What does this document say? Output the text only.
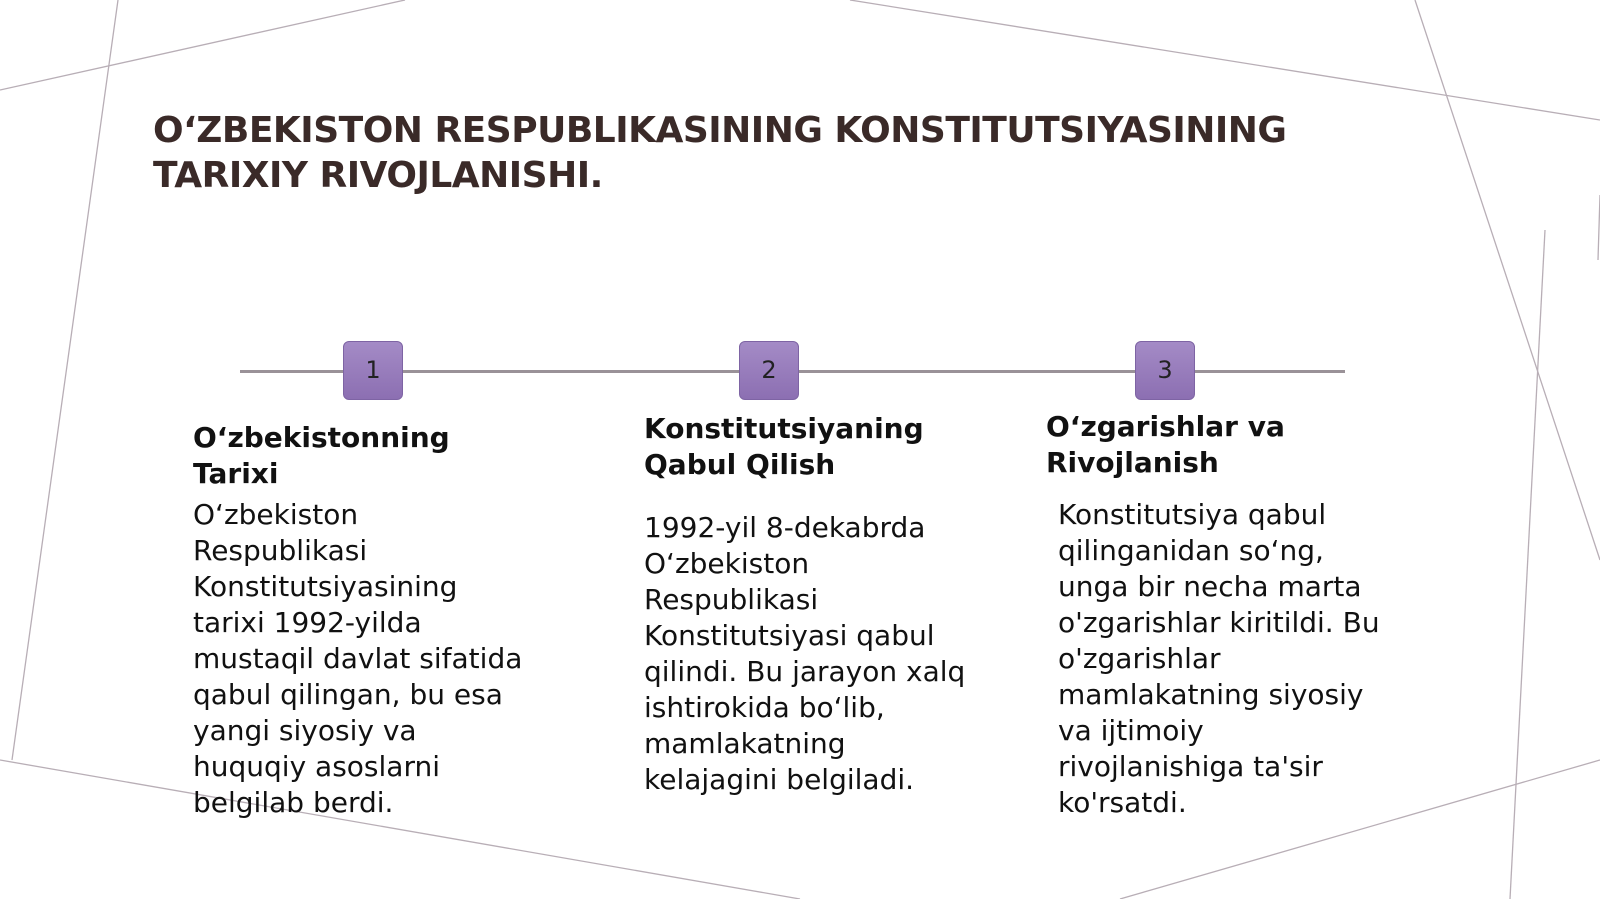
O‘ZBEKISTON RESPUBLIKASINING KONSTITUTSIYASINING
TARIXIY RIVOJLANISHI.
1
O‘zbekistonning
Tarixi
O‘zbekiston
Respublikasi
Konstitutsiyasining
tarixi 1992-yilda
mustaqil davlat sifatida
qabul qilingan, bu esa
yangi siyosiy va
huquqiy asoslarni
belgilab berdi.
2
Konstitutsiyaning
Qabul Qilish
1992-yil 8-dekabrda
O‘zbekiston
Respublikasi
Konstitutsiyasi qabul
qilindi. Bu jarayon xalq
ishtirokida bo‘lib,
mamlakatning
kelajagini belgiladi.
3
O‘zgarishlar va
Rivojlanish
Konstitutsiya qabul
qilinganidan so‘ng,
unga bir necha marta
o'zgarishlar kiritildi. Bu
o'zgarishlar
mamlakatning siyosiy
va ijtimoiy
rivojlanishiga ta'sir
ko'rsatdi.
